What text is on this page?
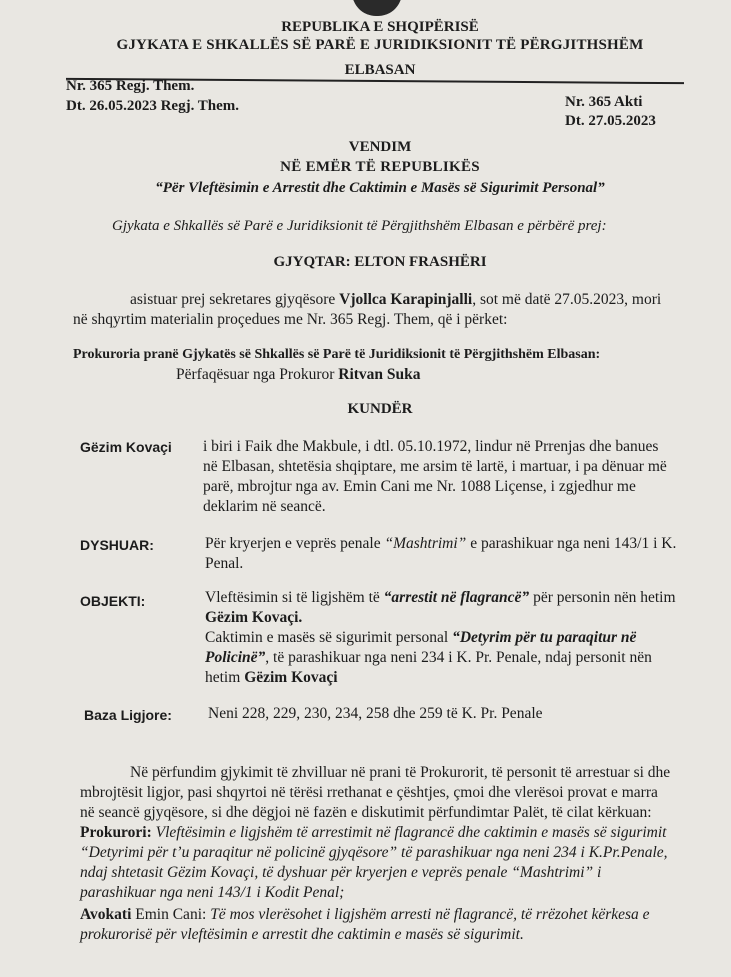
REPUBLIKA E SHQIPËRISË
GJYKATA E SHKALLËS SË PARË E JURIDIKSIONIT TË PËRGJITHSHËM
ELBASAN
Nr. 365 Regj. Them.
Dt. 26.05.2023 Regj. Them.	Nr. 365 Akti
Dt. 27.05.2023
VENDIM
NË EMËR TË REPUBLIKËS
“Për Vleftësimin e Arrestit dhe Caktimin e Masës së Sigurimit Personal”
Gjykata e Shkallës së Parë e Juridiksionit të Përgjithshëm Elbasan e përbërë prej:
GJYQTAR: ELTON FRASHËRI
asistuar prej sekretares gjyqësore Vjollca Karapinjalli, sot më datë 27.05.2023, mori
në shqyrtim materialin proçedues me Nr. 365 Regj. Them, që i përket:
Prokuroria pranë Gjykatës së Shkallës së Parë të Juridiksionit të Përgjithshëm Elbasan:
Përfaqësuar nga Prokuror Ritvan Suka
KUNDËR
Gëzim Kovaçi i biri i Faik dhe Makbule, i dtl. 05.10.1972, lindur në Prrenjas dhe banues
në Elbasan, shtetësia shqiptare, me arsim të lartë, i martuar, i pa dënuar më
parë, mbrojtur nga av. Emin Cani me Nr. 1088 Liçense, i zgjedhur me
deklarim në seancë.
DYSHUAR:	Për kryerjen e veprës penale “Mashtrimi” e parashikuar nga neni 143/1 i K.
Penal.
OBJEKTI:	Vleftësimin si të ligjshëm të “arrestit në flagrancë” për personin nën hetim
Gëzim Kovaçi.
Caktimin e masës së sigurimit personal “Detyrim për tu paraqitur në
Policinë”, të parashikuar nga neni 234 i K. Pr. Penale, ndaj personit nën
hetim Gëzim Kovaçi
Baza Ligjore: Neni 228, 229, 230, 234, 258 dhe 259 të K. Pr. Penale
Në përfundim gjykimit të zhvilluar në prani të Prokurorit, të personit të arrestuar si dhe
mbrojtësit ligjor, pasi shqyrtoi në tërësi rrethanat e çështjes, çmoi dhe vlerësoi provat e marra
në seancë gjyqësore, si dhe dëgjoi në fazën e diskutimit përfundimtar Palët, të cilat kërkuan:
Prokurori: Vleftësimin e ligjshëm të arrestimit në flagrancë dhe caktimin e masës së sigurimit
“Detyrimi për t’u paraqitur në policinë gjyqësore” të parashikuar nga neni 234 i K.Pr.Penale,
ndaj shtetasit Gëzim Kovaçi, të dyshuar për kryerjen e veprës penale “Mashtrimi” i
parashikuar nga neni 143/1 i Kodit Penal;
Avokati Emin Cani: Të mos vlerësohet i ligjshëm arresti në flagrancë, të rrëzohet kërkesa e
prokurorisë për vleftësimin e arrestit dhe caktimin e masës së sigurimit.
